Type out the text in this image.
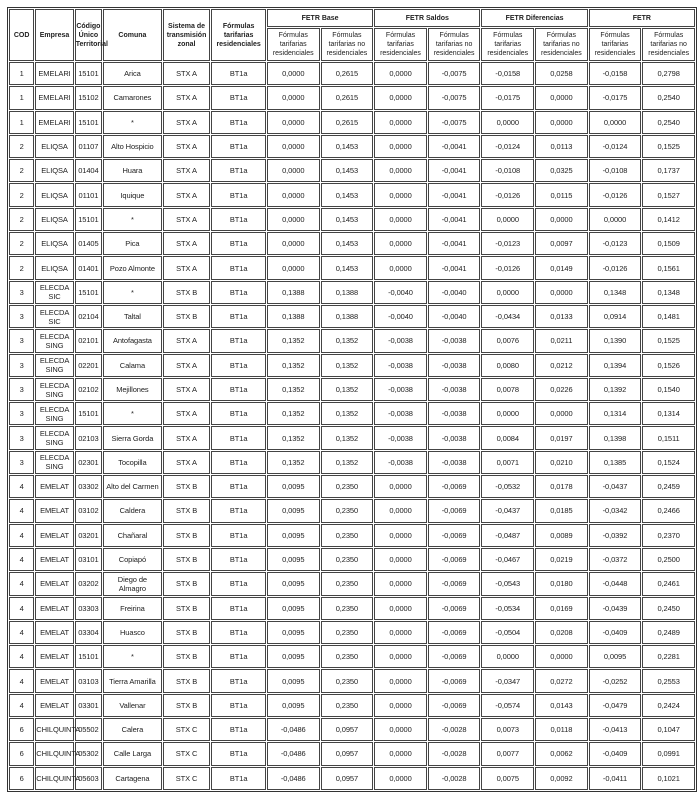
COD	Empresa	Código Único Territorial	Comuna	Sistema de transmisión zonal	Fórmulas tarifarias residenciales	FETR Base		FETR Saldos		FETR Diferencias		FETR	
						Fórmulas tarifarias residenciales	Fórmulas tarifarias no residenciales	Fórmulas tarifarias residenciales	Fórmulas tarifarias no residenciales	Fórmulas tarifarias residenciales	Fórmulas tarifarias no residenciales	Fórmulas tarifarias residenciales	Fórmulas tarifarias no residenciales
1	EMELARI	15101	Arica	STX A	BT1a	0,0000	0,2615	0,0000	-0,0075	-0,0158	0,0258	-0,0158	0,2798
1	EMELARI	15102	Camarones	STX A	BT1a	0,0000	0,2615	0,0000	-0,0075	-0,0175	0,0000	-0,0175	0,2540
1	EMELARI	15101	*	STX A	BT1a	0,0000	0,2615	0,0000	-0,0075	0,0000	0,0000	0,0000	0,2540
2	ELIQSA	01107	Alto Hospicio	STX A	BT1a	0,0000	0,1453	0,0000	-0,0041	-0,0124	0,0113	-0,0124	0,1525
2	ELIQSA	01404	Huara	STX A	BT1a	0,0000	0,1453	0,0000	-0,0041	-0,0108	0,0325	-0,0108	0,1737
2	ELIQSA	01101	Iquique	STX A	BT1a	0,0000	0,1453	0,0000	-0,0041	-0,0126	0,0115	-0,0126	0,1527
2	ELIQSA	15101	*	STX A	BT1a	0,0000	0,1453	0,0000	-0,0041	0,0000	0,0000	0,0000	0,1412
2	ELIQSA	01405	Pica	STX A	BT1a	0,0000	0,1453	0,0000	-0,0041	-0,0123	0,0097	-0,0123	0,1509
2	ELIQSA	01401	Pozo Almonte	STX A	BT1a	0,0000	0,1453	0,0000	-0,0041	-0,0126	0,0149	-0,0126	0,1561
3	ELECDA SIC	15101	*	STX B	BT1a	0,1388	0,1388	-0,0040	-0,0040	0,0000	0,0000	0,1348	0,1348
3	ELECDA SIC	02104	Taltal	STX B	BT1a	0,1388	0,1388	-0,0040	-0,0040	-0,0434	0,0133	0,0914	0,1481
3	ELECDA SING	02101	Antofagasta	STX A	BT1a	0,1352	0,1352	-0,0038	-0,0038	0,0076	0,0211	0,1390	0,1525
3	ELECDA SING	02201	Calama	STX A	BT1a	0,1352	0,1352	-0,0038	-0,0038	0,0080	0,0212	0,1394	0,1526
3	ELECDA SING	02102	Mejillones	STX A	BT1a	0,1352	0,1352	-0,0038	-0,0038	0,0078	0,0226	0,1392	0,1540
3	ELECDA SING	15101	*	STX A	BT1a	0,1352	0,1352	-0,0038	-0,0038	0,0000	0,0000	0,1314	0,1314
3	ELECDA SING	02103	Sierra Gorda	STX A	BT1a	0,1352	0,1352	-0,0038	-0,0038	0,0084	0,0197	0,1398	0,1511
3	ELECDA SING	02301	Tocopilla	STX A	BT1a	0,1352	0,1352	-0,0038	-0,0038	0,0071	0,0210	0,1385	0,1524
4	EMELAT	03302	Alto del Carmen	STX B	BT1a	0,0095	0,2350	0,0000	-0,0069	-0,0532	0,0178	-0,0437	0,2459
4	EMELAT	03102	Caldera	STX B	BT1a	0,0095	0,2350	0,0000	-0,0069	-0,0437	0,0185	-0,0342	0,2466
4	EMELAT	03201	Chañaral	STX B	BT1a	0,0095	0,2350	0,0000	-0,0069	-0,0487	0,0089	-0,0392	0,2370
4	EMELAT	03101	Copiapó	STX B	BT1a	0,0095	0,2350	0,0000	-0,0069	-0,0467	0,0219	-0,0372	0,2500
4	EMELAT	03202	Diego de Almagro	STX B	BT1a	0,0095	0,2350	0,0000	-0,0069	-0,0543	0,0180	-0,0448	0,2461
4	EMELAT	03303	Freirina	STX B	BT1a	0,0095	0,2350	0,0000	-0,0069	-0,0534	0,0169	-0,0439	0,2450
4	EMELAT	03304	Huasco	STX B	BT1a	0,0095	0,2350	0,0000	-0,0069	-0,0504	0,0208	-0,0409	0,2489
4	EMELAT	15101	*	STX B	BT1a	0,0095	0,2350	0,0000	-0,0069	0,0000	0,0000	0,0095	0,2281
4	EMELAT	03103	Tierra Amarilla	STX B	BT1a	0,0095	0,2350	0,0000	-0,0069	-0,0347	0,0272	-0,0252	0,2553
4	EMELAT	03301	Vallenar	STX B	BT1a	0,0095	0,2350	0,0000	-0,0069	-0,0574	0,0143	-0,0479	0,2424
6	CHILQUINTA	05502	Calera	STX C	BT1a	-0,0486	0,0957	0,0000	-0,0028	0,0073	0,0118	-0,0413	0,1047
6	CHILQUINTA	05302	Calle Larga	STX C	BT1a	-0,0486	0,0957	0,0000	-0,0028	0,0077	0,0062	-0,0409	0,0991
6	CHILQUINTA	05603	Cartagena	STX C	BT1a	-0,0486	0,0957	0,0000	-0,0028	0,0075	0,0092	-0,0411	0,1021
